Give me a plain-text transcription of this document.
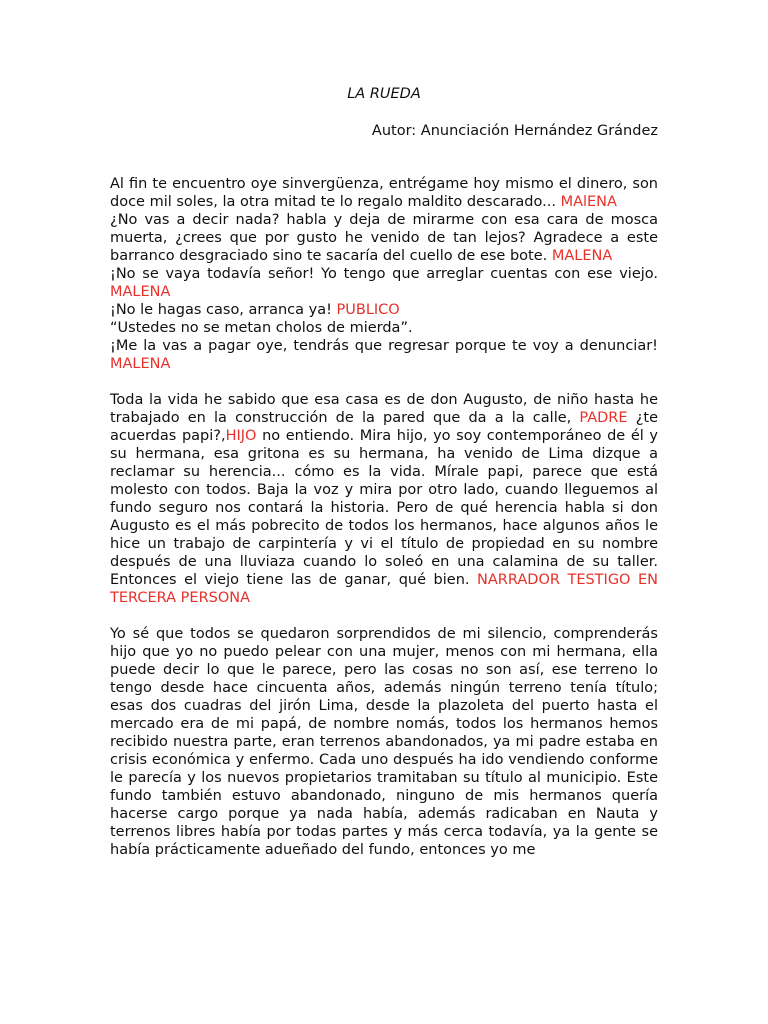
LA RUEDA

Autor: Anunciación Hernández Grández

Al fin te encuentro oye sinvergüenza, entrégame hoy mismo el dinero, son doce mil soles, la otra mitad te lo regalo maldito descarado... MAlENA

¿No vas a decir nada? habla y deja de mirarme con esa cara de mosca muerta, ¿crees que por gusto he venido de tan lejos? Agradece a este barranco desgraciado sino te sacaría del cuello de ese bote. MALENA

¡No se vaya todavía señor! Yo tengo que arreglar cuentas con ese viejo. MALENA

¡No le hagas caso, arranca ya! PUBLICO

“Ustedes no se metan cholos de mierda”.

¡Me la vas a pagar oye, tendrás que regresar porque te voy a denunciar! MALENA

Toda la vida he sabido que esa casa es de don Augusto, de niño hasta he trabajado en la construcción de la pared que da a la calle, PADRE ¿te acuerdas papi?,HIJO no entiendo. Mira hijo, yo soy contemporáneo de él y su hermana, esa gritona es su hermana, ha venido de Lima dizque a reclamar su herencia... cómo es la vida. Mírale papi, parece que está molesto con todos. Baja la voz y mira por otro lado, cuando lleguemos al fundo seguro nos contará la historia. Pero de qué herencia habla si don Augusto es el más pobrecito de todos los hermanos, hace algunos años le hice un trabajo de carpintería y vi el título de propiedad en su nombre después de una lluviaza cuando lo soleó en una calamina de su taller. Entonces el viejo tiene las de ganar, qué bien. NARRADOR TESTIGO EN TERCERA PERSONA

Yo sé que todos se quedaron sorprendidos de mi silencio, comprenderás hijo que yo no puedo pelear con una mujer, menos con mi hermana, ella puede decir lo que le parece, pero las cosas no son así, ese terreno lo tengo desde hace cincuenta años, además ningún terreno tenía título; esas dos cuadras del jirón Lima, desde la plazoleta del puerto hasta el mercado era de mi papá, de nombre nomás, todos los hermanos hemos recibido nuestra parte, eran terrenos abandonados, ya mi padre estaba en crisis económica y enfermo. Cada uno después ha ido vendiendo conforme le parecía y los nuevos propietarios tramitaban su título al municipio. Este fundo también estuvo abandonado, ninguno de mis hermanos quería hacerse cargo porque ya nada había, además radicaban en Nauta y terrenos libres había por todas partes y más cerca todavía, ya la gente se había prácticamente adueñado del fundo, entonces yo me
